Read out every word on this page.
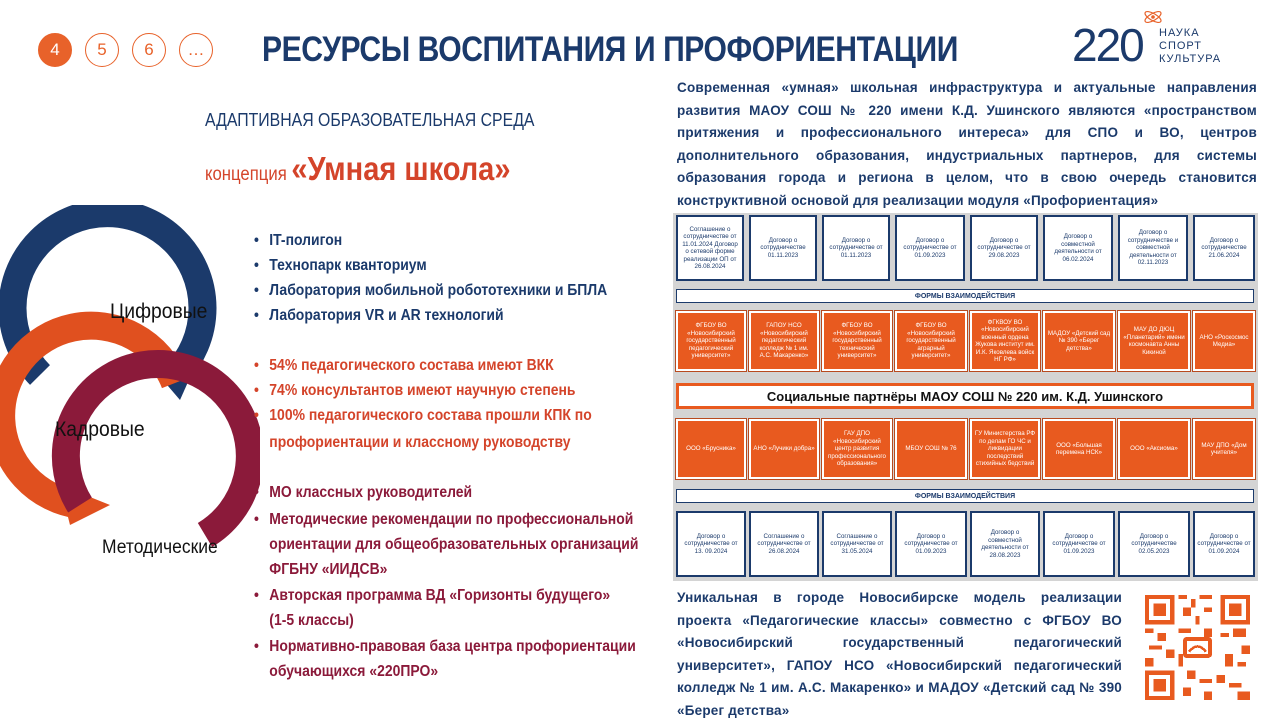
4	5	6	… РЕСУРСЫ ВОСПИТАНИЯ И ПРОФОРИЕНТАЦИИ 220 НАУКА
СПОРТ
КУЛЬТУРА
АДАПТИВНАЯ ОБРАЗОВАТЕЛЬНАЯ СРЕДА
концепция «Умная школа»
Цифровые
Кадровые
Методические
• IT-полигон
• Технопарк кванториум
• Лаборатория мобильной робототехники и БПЛА
• Лаборатория VR и AR технологий
• 54% педагогического состава имеют ВКК
• 74% консультантов имеют научную степень
• 100% педагогического состава прошли КПК по
профориентации и классному руководству
• МО классных руководителей
• Методические рекомендации по профессиональной
ориентации для общеобразовательных организаций
ФГБНУ «ИИДСВ»
• Авторская программа ВД «Горизонты будущего»
(1-5 классы)
• Нормативно-правовая база центра профориентации
обучающихся «220ПРО»
Современная «умная» школьная инфраструктура и актуальные направления развития МАОУ СОШ № 220 имени К.Д. Ушинского являются «пространством притяжения и профессионального интереса» для СПО и ВО, центров дополнительного образования, индустриальных партнеров, для системы образования города и региона в целом, что в свою очередь становится конструктивной основой для реализации модуля «Профориентация»
Соглашение о сотрудничестве от 11.01.2024 Договор о сетевой форме реализации ОП от 26.08.2024
Договор о сотрудничестве 01.11.2023
Договор о сотрудничестве от 01.11.2023
Договор о сотрудничестве от 01.09.2023
Договор о сотрудничестве от 29.08.2023
Договор о совместной деятельности от 06.02.2024
Договор о сотрудничестве и совместной деятельности от 02.11.2023
Договор о сотрудничестве 21.06.2024
ФОРМЫ ВЗАИМОДЕЙСТВИЯ
ФГБОУ ВО «Новосибирский государственный педагогический университет»
ГАПОУ НСО «Новосибирский педагогический колледж № 1 им. А.С. Макаренко»
ФГБОУ ВО «Новосибирский государственный технический университет»
ФГБОУ ВО «Новосибирский государственный аграрный университет»
ФГКВОУ ВО «Новосибирский военный ордена Жукова институт им. И.К. Яковлева войск НГ РФ»
МАДОУ «Детский сад № 390 «Берег детства»
МАУ ДО ДЮЦ «Планетарий» имени космонавта Анны Кикиной
АНО «Роскосмос Медиа»
Социальные партнёры МАОУ СОШ № 220 им. К.Д. Ушинского
ООО «Брусника»	АНО «Лучики добра»
ГАУ ДПО «Новосибирский центр развития профессионального образования»
МБОУ СОШ № 76
ГУ Министерства РФ по делам ГО ЧС и ликвидации последствий стихийных бедствий
ООО «Большая перемена НСК»
ООО «Аксиома»
МАУ ДПО «Дом учителя»
ФОРМЫ ВЗАИМОДЕЙСТВИЯ
Договор о сотрудничестве от 13. 09.2024
Соглашение о сотрудничестве от 26.08.2024
Соглашение о сотрудничестве от 31.05.2024
Договор о сотрудничестве от 01.09.2023
Договор о совместной деятельности от 28.08.2023
Договор о сотрудничестве от 01.09.2023
Договор о сотрудничестве 02.05.2023
Договор о сотрудничестве от 01.09.2024
Уникальная в городе Новосибирске модель реализации проекта «Педагогические классы» совместно с ФГБОУ ВО «Новосибирский государственный педагогический университет», ГАПОУ НСО «Новосибирский педагогический колледж № 1 им. А.С. Макаренко» и МАДОУ «Детский сад № 390 «Берег детства»
